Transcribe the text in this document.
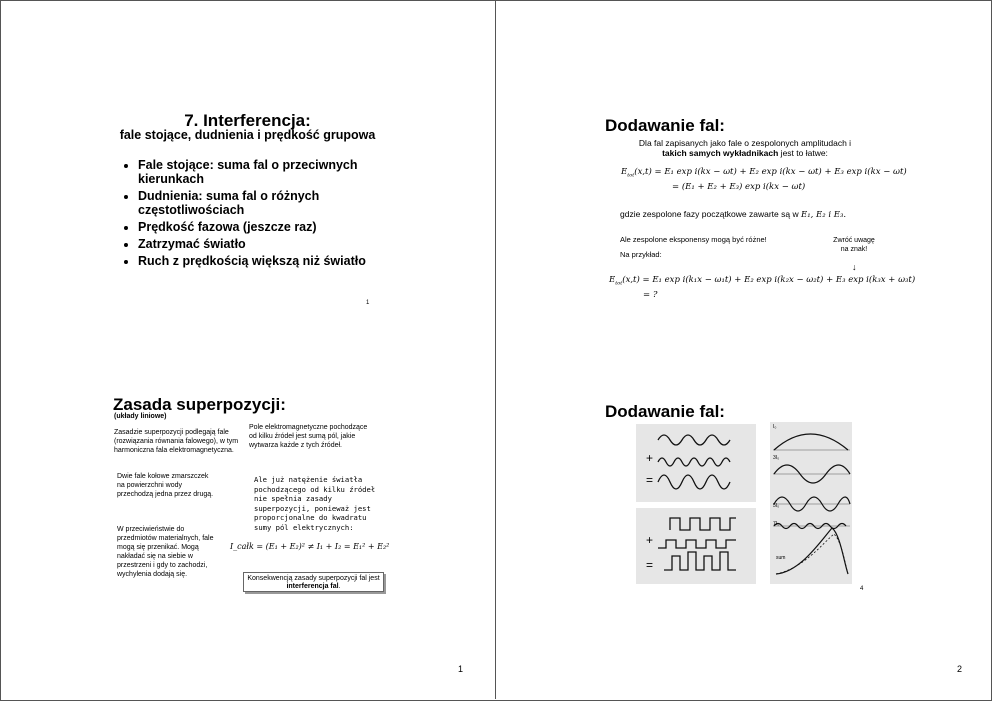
7. Interferencja:
fale stojące, dudnienia i prędkość grupowa
• Fale stojące: suma fal o przeciwnych kierunkach
• Dudnienia: suma fal o różnych częstotliwościach
• Prędkość fazowa (jeszcze raz)
• Zatrzymać światło
• Ruch z prędkością większą niż światło
1
Dodawanie fal:
Dla fal zapisanych jako fale o zespolonych amplitudach i
takich samych wykładnikach jest to łatwe:
$E_{tot}(x,t) = E_1$ exp i(kx − ωt) + E₂ exp i(kx − ωt) + E₃ exp i(kx − ωt)
= (E₁ + E₂ + E₃) exp i(kx − ωt)
gdzie zespolone fazy początkowe zawarte są w E₁, E₂ i E₃.
Ale zespolone eksponensy mogą być różne!
Na przykład:
Zwróć uwagę na znak!
↓
$E_{tot}(x,t) = E_1$ exp i(k₁x − ω₁t) + E₂ exp i(k₂x − ω₂t) + E₃ exp i(k₃x + ω₃t)
= ?
Zasada superpozycji:
(układy liniowe)
Zasadzie superpozycji podlegają fale (rozwiązania równania falowego), w tym harmoniczna fala elektromagnetyczna.
Dwie fale kołowe zmarszczek na powierzchni wody przechodzą jedna przez drugą.
W przeciwieństwie do przedmiotów materialnych, fale mogą się przenikać. Mogą nakładać się na siebie w przestrzeni i gdy to zachodzi, wychylenia dodają się.
Pole elektromagnetyczne pochodzące od kilku źródeł jest sumą pól, jakie wytwarza każde z tych źródeł.
Ale już natężenie światła pochodzącego od kilku źródeł nie spełnia zasady superpozycji, ponieważ jest proporcjonalne do kwadratu sumy pól elektrycznych:
I_całk = (E₁ + E₂)² ≠ I₁ + I₂ = E₁² + E₂²
Konsekwencją zasady superpozycji fal jest interferencja fal.
Dodawanie fal:
+
=
+
=
I₀
3I₀
5I₀
7I₀
sum
4
1	2
